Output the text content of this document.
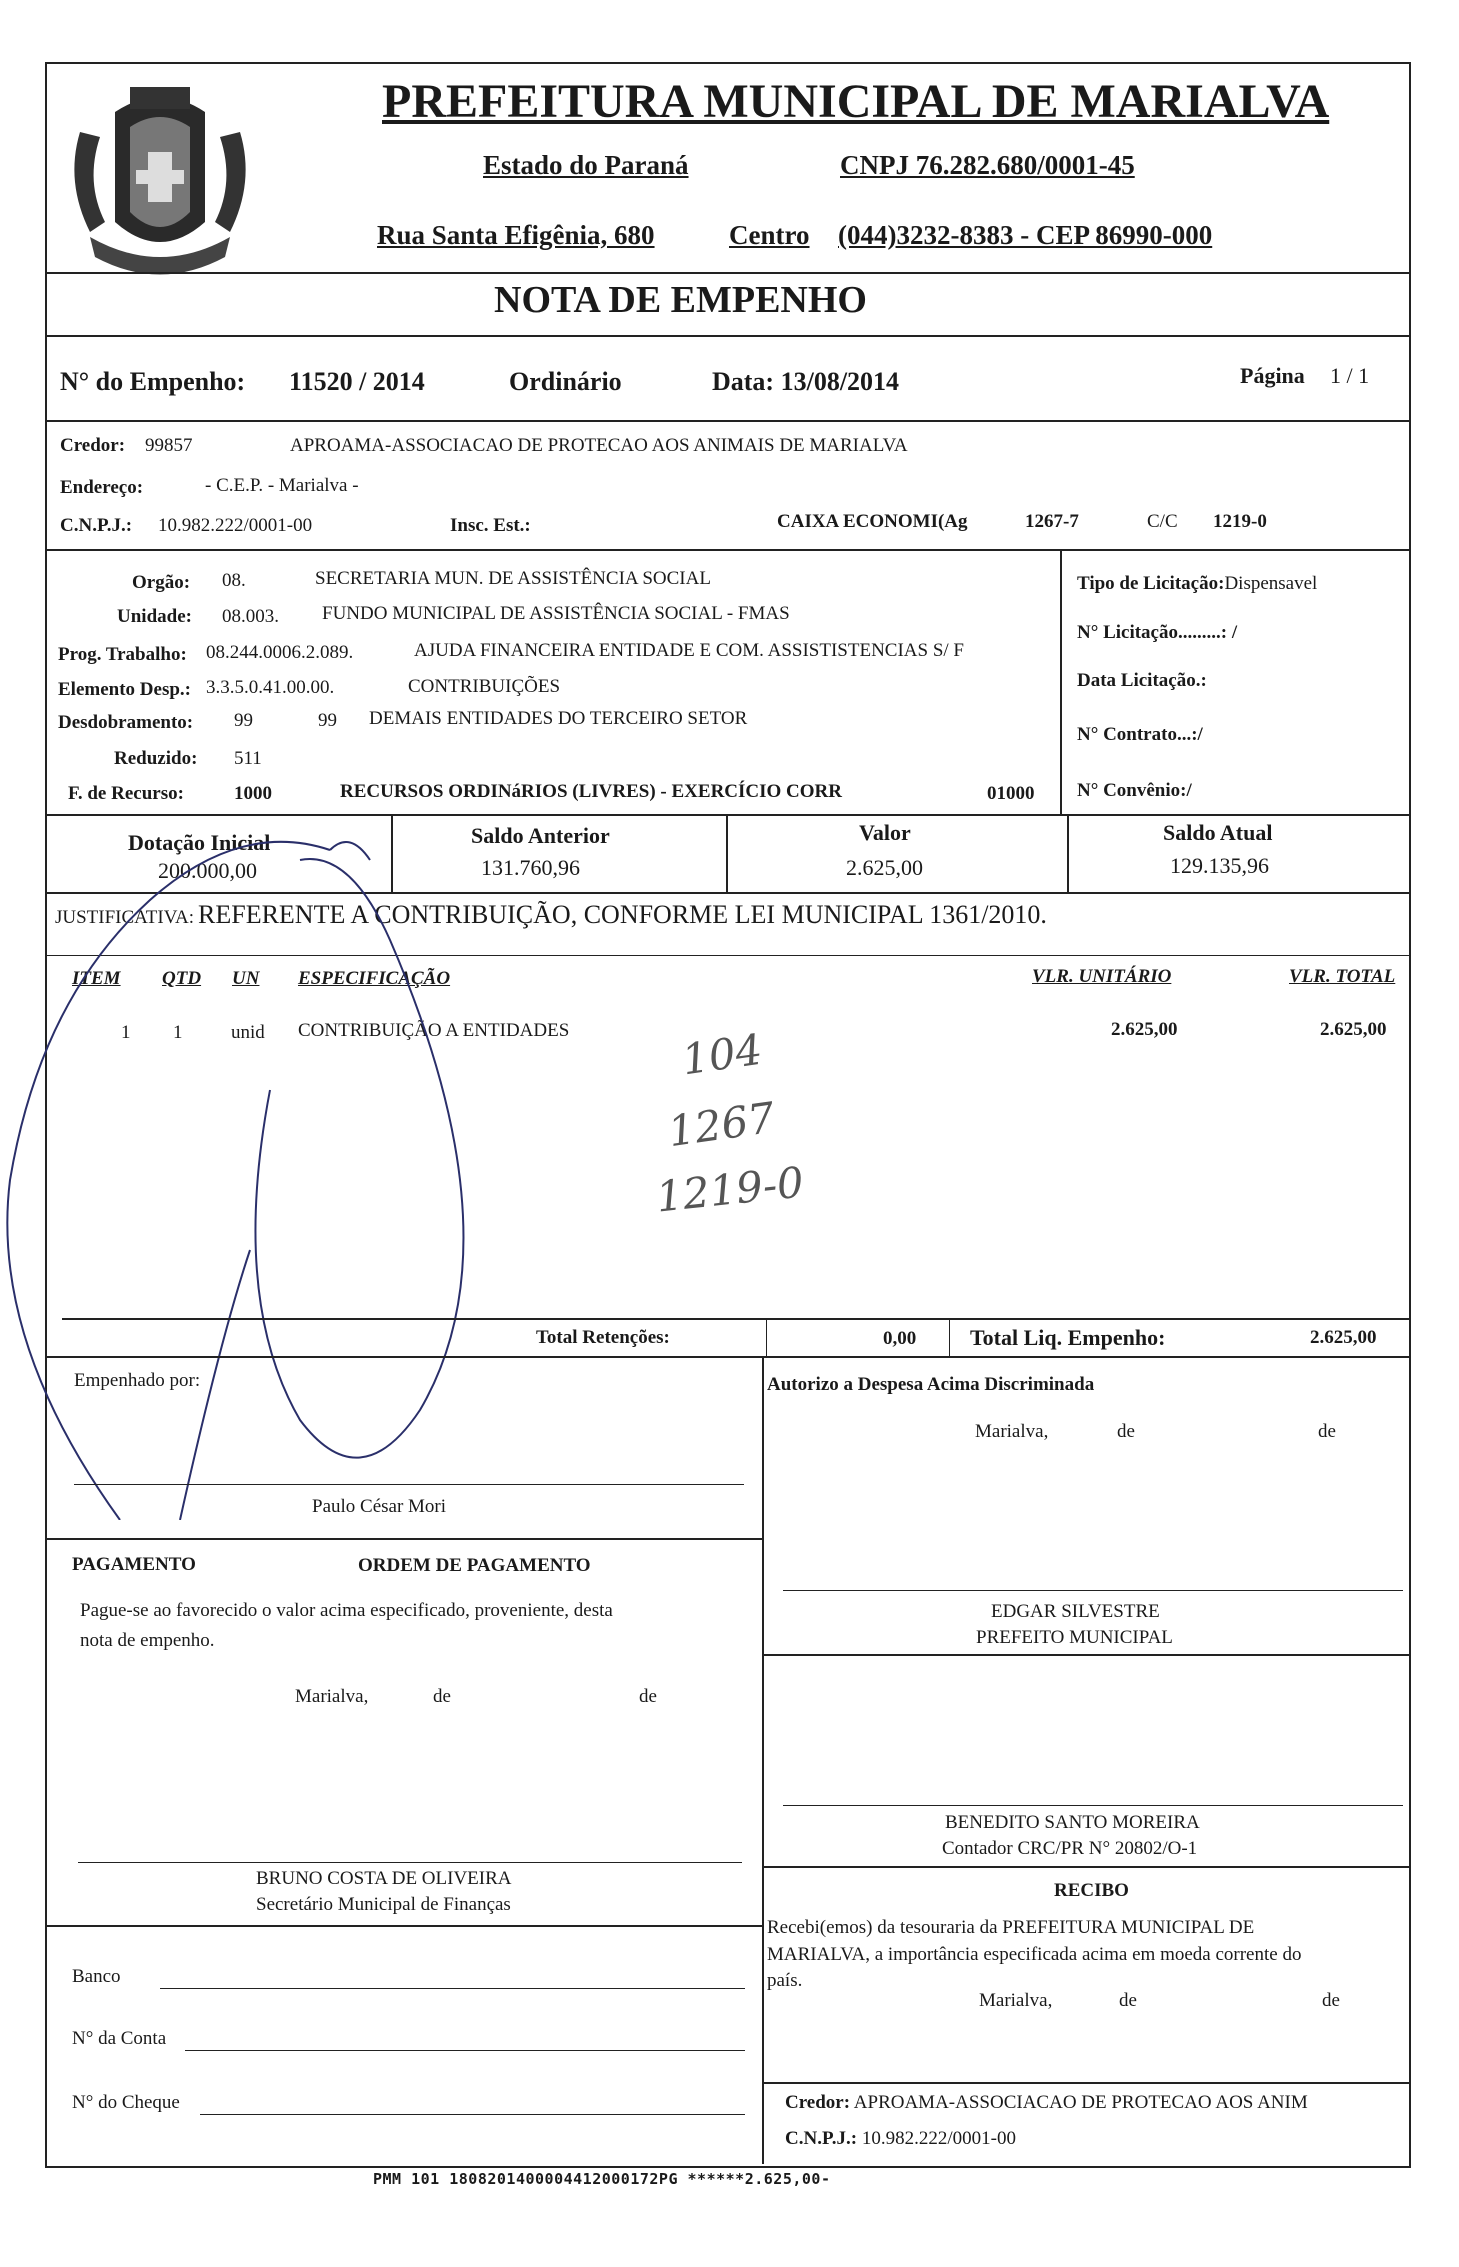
PREFEITURA MUNICIPAL DE MARIALVA
Estado do Paraná	CNPJ 76.282.680/0001-45
Rua Santa Efigênia, 680	Centro (044)3232-8383 - CEP 86990-000
NOTA DE EMPENHO
N° do Empenho: 11520 / 2014	Ordinário	Data: 13/08/2014	Página 1 / 1
Credor: 99857	APROAMA-ASSOCIACAO DE PROTECAO AOS ANIMAIS DE MARIALVA
Endereço:	- C.E.P. - Marialva -
C.N.P.J.: 10.982.222/0001-00	Insc. Est.:	CAIXA ECONOMI(Ag	1267-7	C/C 1219-0
Orgão: 08.	SECRETARIA MUN. DE ASSISTÊNCIA SOCIAL
Unidade: 08.003. FUNDO MUNICIPAL DE ASSISTÊNCIA SOCIAL - FMAS
Prog. Trabalho: 08.244.0006.2.089.	AJUDA FINANCEIRA ENTIDADE E COM. ASSISTISTENCIAS S/ F
Elemento Desp.: 3.3.5.0.41.00.00.	CONTRIBUIÇÕES
Desdobramento: 99	99 DEMAIS ENTIDADES DO TERCEIRO SETOR
Reduzido: 511
F. de Recurso:	1000	RECURSOS ORDINáRIOS (LIVRES) - EXERCÍCIO CORR	01000
Tipo de Licitação:Dispensavel
N° Licitação.........: /
Data Licitação.:
N° Contrato...:/
N° Convênio:/
Dotação Inicial
200.000,00
Saldo Anterior
131.760,96
Valor
2.625,00
Saldo Atual
129.135,96
JUSTIFICATIVA: REFERENTE A CONTRIBUIÇÃO, CONFORME LEI MUNICIPAL 1361/2010.
ITEM QTD UN ESPECIFICAÇÃO	VLR. UNITÁRIO	VLR. TOTAL
1 1	unid CONTRIBUIÇÃO A ENTIDADES	2.625,00	2.625,00
104
1267
1219-0
Total Retenções:	0,00 Total Liq. Empenho:	2.625,00
Empenhado por:
Paulo César Mori
Autorizo a Despesa Acima Discriminada
Marialva,	de	de
PAGAMENTO	ORDEM DE PAGAMENTO
Pague-se ao favorecido o valor acima especificado, proveniente, desta
nota de empenho.
Marialva,	de	de
EDGAR SILVESTRE
PREFEITO MUNICIPAL
BENEDITO SANTO MOREIRA
Contador CRC/PR N° 20802/O-1
BRUNO COSTA DE OLIVEIRA
Secretário Municipal de Finanças
RECIBO
Recebi(emos) da tesouraria da PREFEITURA MUNICIPAL DE
MARIALVA, a importância especificada acima em moeda corrente do
país.
Marialva,	de	de
Banco
N° da Conta
N° do Cheque	Credor: APROAMA-ASSOCIACAO DE PROTECAO AOS ANIM
C.N.P.J.: 10.982.222/0001-00
PMM 101 1808201400004412000172PG ******2.625,00-
